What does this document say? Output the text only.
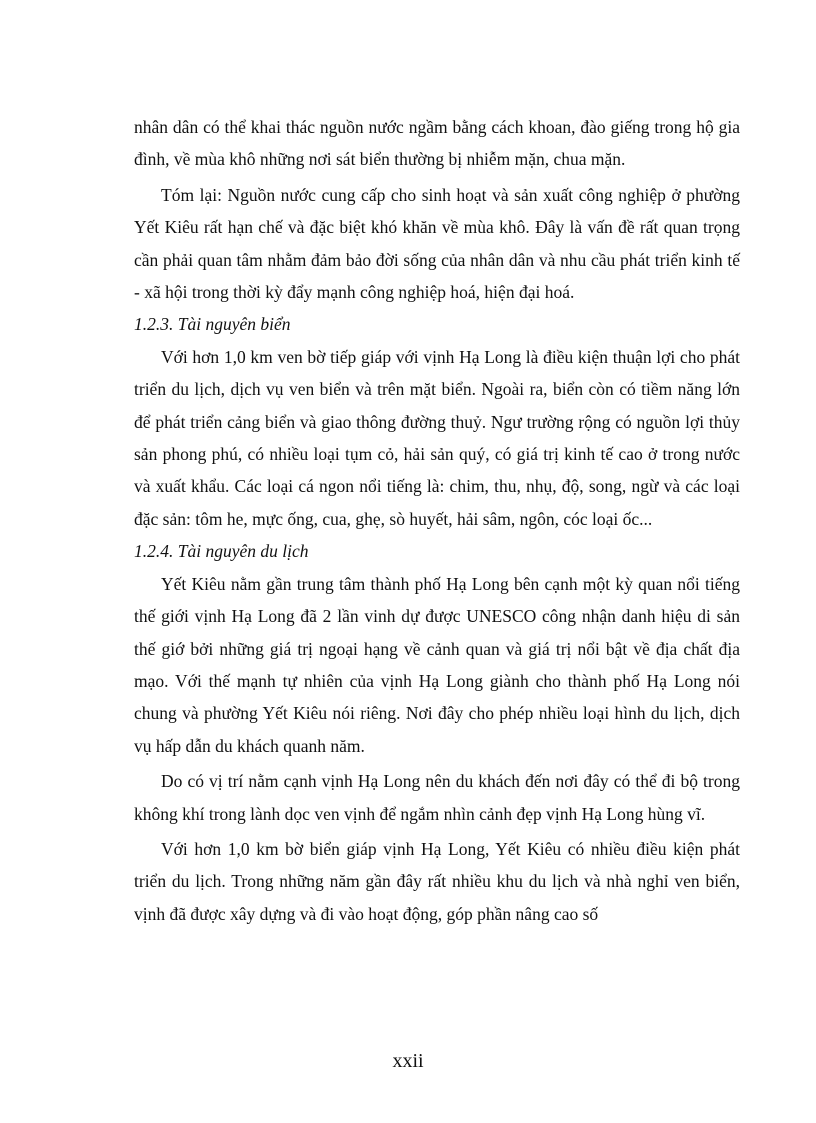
nhân dân có thể khai thác nguồn nước ngầm bằng cách khoan, đào giếng trong hộ gia đình, về mùa khô những nơi sát biển thường bị nhiễm mặn, chua mặn.

Tóm lại: Nguồn nước cung cấp cho sinh hoạt và sản xuất công nghiệp ở phường Yết Kiêu rất hạn chế và đặc biệt khó khăn về mùa khô. Đây là vấn đề rất quan trọng cần phải quan tâm nhằm đảm bảo đời sống của nhân dân và nhu cầu phát triển kinh tế - xã hội trong thời kỳ đẩy mạnh công nghiệp hoá, hiện đại hoá.

1.2.3. Tài nguyên biển

Với hơn 1,0 km ven bờ tiếp giáp với vịnh Hạ Long là điều kiện thuận lợi cho phát triển du lịch, dịch vụ ven biển và trên mặt biển. Ngoài ra, biển còn có tiềm năng lớn để phát triển cảng biển và giao thông đường thuỷ. Ngư trường rộng có nguồn lợi thủy sản phong phú, có nhiều loại tụm cỏ, hải sản quý, có giá trị kinh tế cao ở trong nước và xuất khẩu. Các loại cá ngon nổi tiếng là: chim, thu, nhụ, độ, song, ngừ và các loại đặc sản: tôm he, mực ống, cua, ghẹ, sò huyết, hải sâm, ngôn, cóc loại ốc...

1.2.4. Tài nguyên du lịch

Yết Kiêu nằm gần trung tâm thành phố Hạ Long bên cạnh một kỳ quan nổi tiếng thế giới vịnh Hạ Long đã 2 lần vinh dự được UNESCO công nhận danh hiệu di sản thế giớ bởi những giá trị ngoại hạng về cảnh quan và giá trị nổi bật về địa chất địa mạo. Với thế mạnh tự nhiên của vịnh Hạ Long giành cho thành phố Hạ Long nói chung và phường Yết Kiêu nói riêng. Nơi đây cho phép nhiều loại hình du lịch, dịch vụ hấp dẫn du khách quanh năm.

Do có vị trí nằm cạnh vịnh Hạ Long nên du khách đến nơi đây có thể đi bộ trong không khí trong lành dọc ven vịnh để ngắm nhìn cảnh đẹp vịnh Hạ Long hùng vĩ.

Với hơn 1,0 km bờ biển giáp vịnh Hạ Long, Yết Kiêu có nhiều điều kiện phát triển du lịch. Trong những năm gần đây rất nhiều khu du lịch và nhà nghỉ ven biển, vịnh đã được xây dựng và đi vào hoạt động, góp phần nâng cao số

xxii
